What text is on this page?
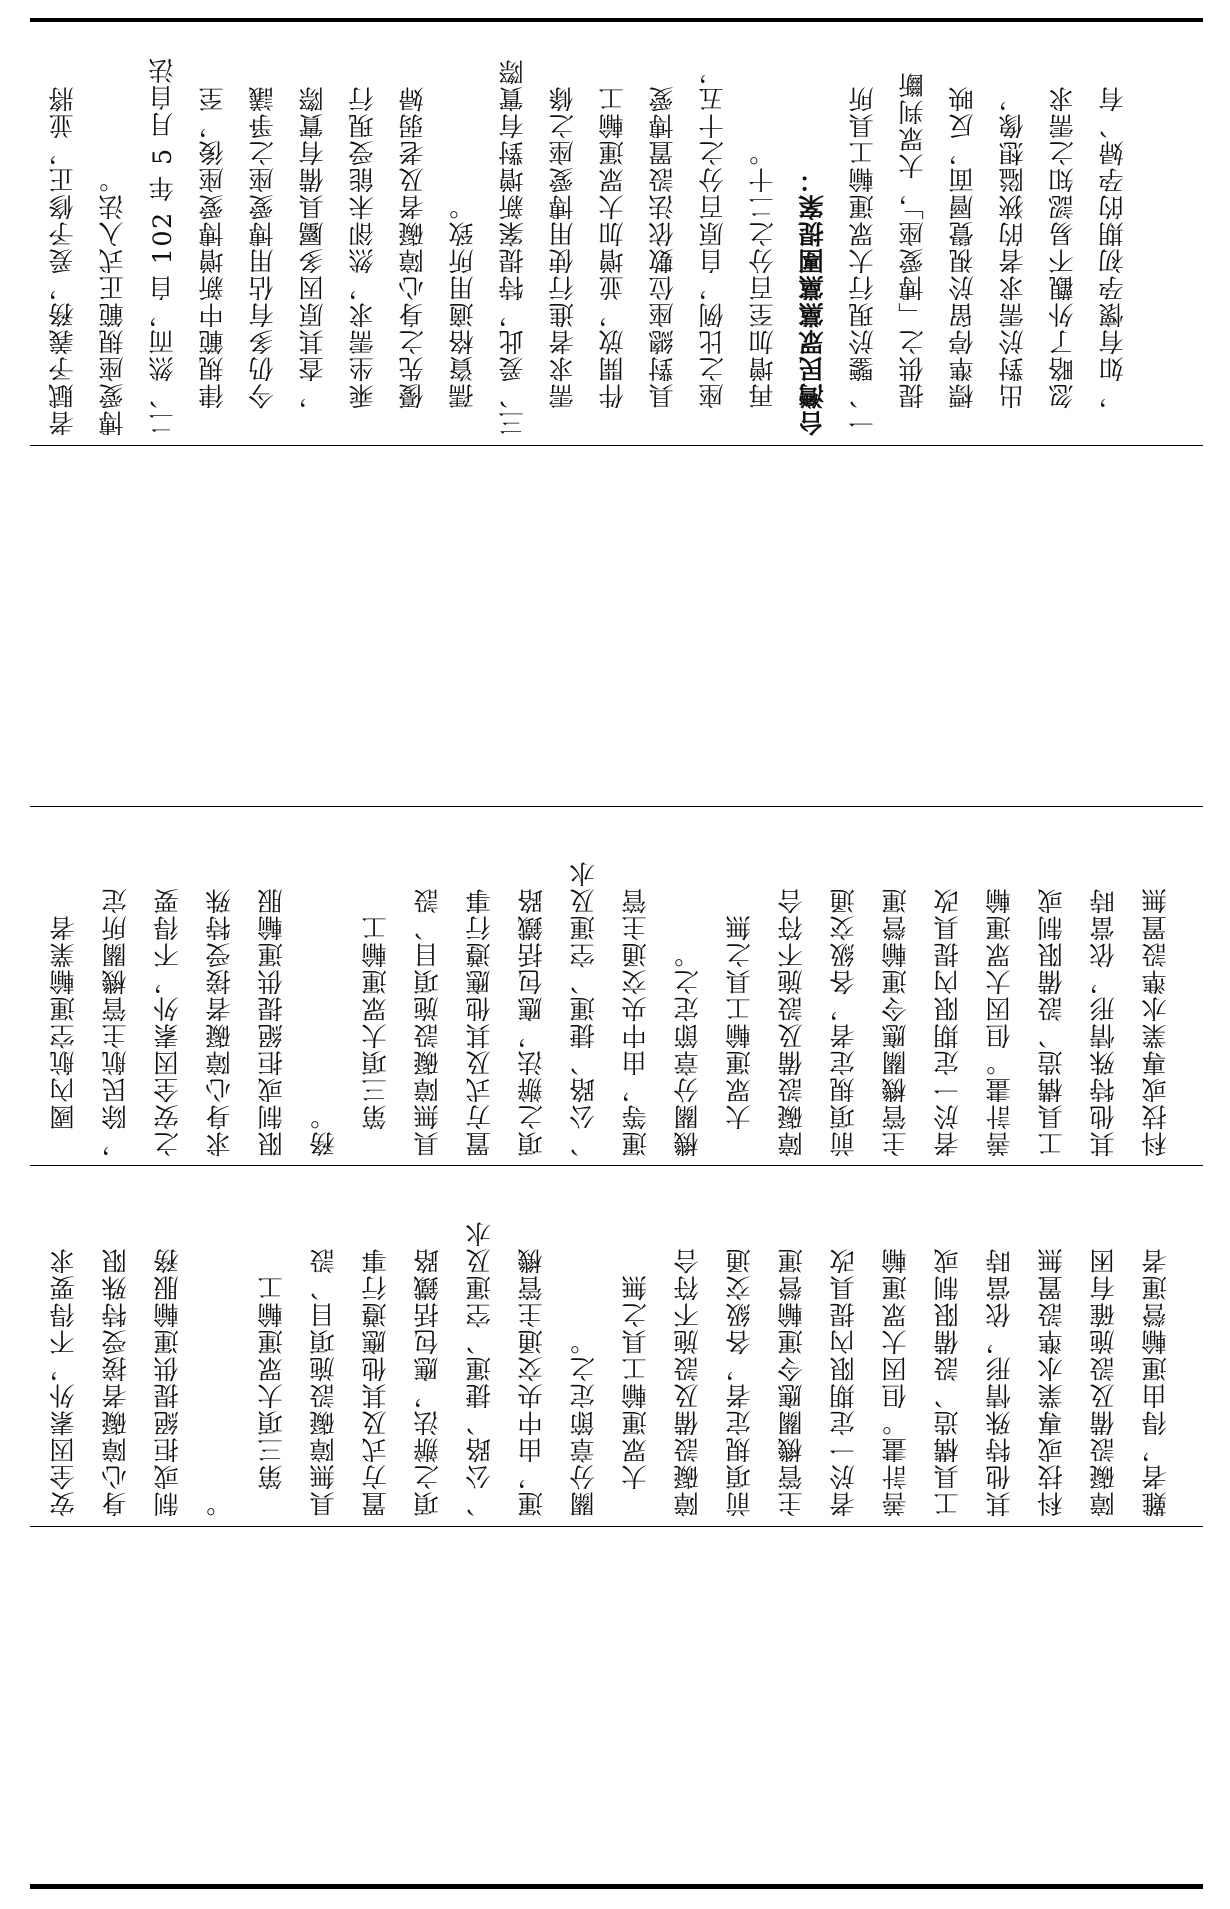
者賦予義務，爰予修正，並將 博愛座規範正式入法。 二、然而，自 102 年 5 月自法 　律規範中新增博愛座後，至 　今仍多有佔用博愛座之爭議 　，查其原因多屬具備有實際 　乘坐需求，然卻未能受現行 　優先之身心障礙者及老弱婦 　孺資格適用所致。 三、爰此，特提案新增對有實際 　需求者進行使用博愛座之條 　件開放，並增加大眾運輸工 　具對總座位數依法設置博愛 　座之比例，自原百分之十五， 　再增加至百分之二十。 台灣民眾黨黨團提案： 一、鑒於現行大眾運輸工具所 　提供之「博愛座」，大眾判斷 　標準停留於視覺層面，反映 　出對於需求者的狹隘想像， 　忽略了外觀不易認知之需求 　，如有懷孕初期的孕婦、有
　國內航空運輸業者 ，除民航主管機關所定 之安全因素外，不得要 求身心障礙者接受特殊 限制或拒絕提供運輸服 務。 　第三項大眾運輸工 具無障礙設施項目、設 置方式及其他應遵行事 項之辦法，應包括鐵路 、公路、捷運、空運及水 運等，由中央交通主管 機關分章節定之。 　大眾運輸工具之無 障礙設備及設施不符合 前項規定者，各級交通 主管機關應令運輸營運 者於一定期限內提具改 善計畫。但因大眾運輸 工具構造、設備限制或 其他特殊情形，依當時 科技或專業水準設置無
安全因素外，不得要求 身心障礙者接受特殊限 制或拒絕提供運輸服務 。 　第三項大眾運輸工 具無障礙設施項目、設 置方式及其他應遵行事 項之辦法，應包括鐵路 、公路、捷運、空運及水 運，由中央交通主管機 關分章節定之。 　大眾運輸工具之無 障礙設備及設施不符合 前項規定者，各級交通 主管機關應令運輸營運 者於一定期限內提具改 善計畫。但因大眾運輸 工具構造、設備限制或 其他特殊情形，依當時 科技或專業水準設置無 障礙設備及設施確有困 難者，得由運輸營運者
